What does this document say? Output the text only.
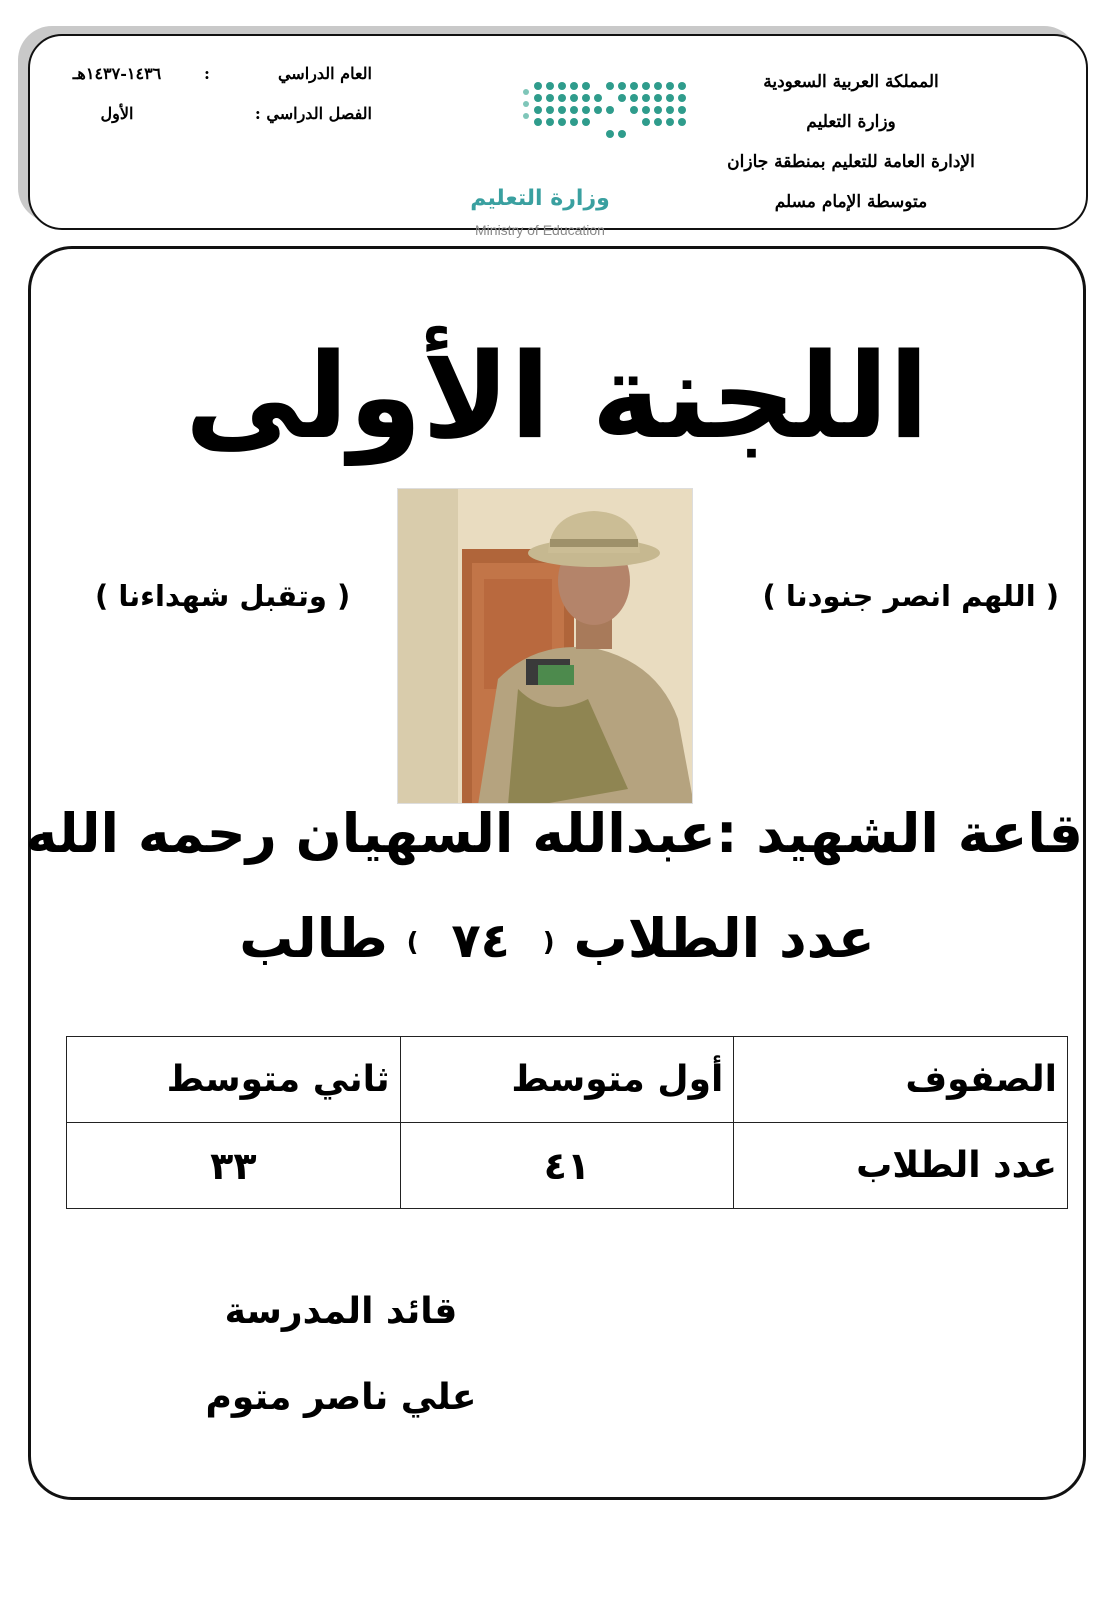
المملكة العربية السعودية
وزارة التعليم
الإدارة العامة للتعليم بمنطقة جازان
متوسطة الإمام مسلم
وزارة التعليم
Ministry of Education
العام الدراسي
:
١٤٣٦-١٤٣٧هـ
الفصل الدراسي :
الأول
اللجنة الأولى
( اللهم انصر جنودنا )
( وتقبل شهداءنا )
قاعة الشهيد :عبدالله السهيان رحمه الله
عدد الطلاب ( ٧٤ ) طالب
الصفوف	أول متوسط	ثاني متوسط
عدد الطلاب	٤١	٣٣
قائد المدرسة
علي ناصر متوم
